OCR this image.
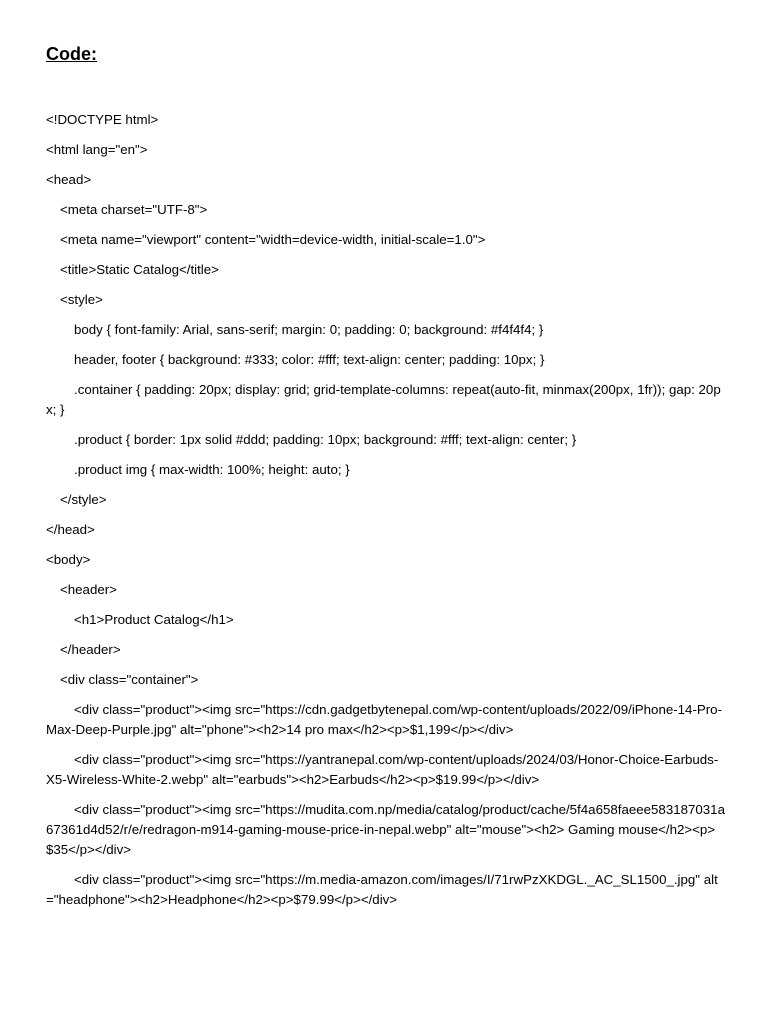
Code:
<!DOCTYPE html>
<html lang="en">
<head>
<meta charset="UTF-8">
<meta name="viewport" content="width=device-width, initial-scale=1.0">
<title>Static Catalog</title>
<style>
body { font-family: Arial, sans-serif; margin: 0; padding: 0; background: #f4f4f4; }
header, footer { background: #333; color: #fff; text-align: center; padding: 10px; }
.container { padding: 20px; display: grid; grid-template-columns: repeat(auto-fit, minmax(200px, 1fr)); gap: 20px; }
.product { border: 1px solid #ddd; padding: 10px; background: #fff; text-align: center; }
.product img { max-width: 100%; height: auto; }
</style>
</head>
<body>
<header>
<h1>Product Catalog</h1>
</header>
<div class="container">
<div class="product"><img src="https://cdn.gadgetbytenepal.com/wp-content/uploads/2022/09/iPhone-14-Pro-Max-Deep-Purple.jpg" alt="phone"><h2>14 pro max</h2><p>$1,199</p></div>
<div class="product"><img src="https://yantranepal.com/wp-content/uploads/2024/03/Honor-Choice-Earbuds-X5-Wireless-White-2.webp" alt="earbuds"><h2>Earbuds</h2><p>$19.99</p></div>
<div class="product"><img src="https://mudita.com.np/media/catalog/product/cache/5f4a658faeee583187031a67361d4d52/r/e/redragon-m914-gaming-mouse-price-in-nepal.webp" alt="mouse"><h2> Gaming mouse</h2><p>$35</p></div>
<div class="product"><img src="https://m.media-amazon.com/images/I/71rwPzXKDGL._AC_SL1500_.jpg" alt="headphone"><h2>Headphone</h2><p>$79.99</p></div>
